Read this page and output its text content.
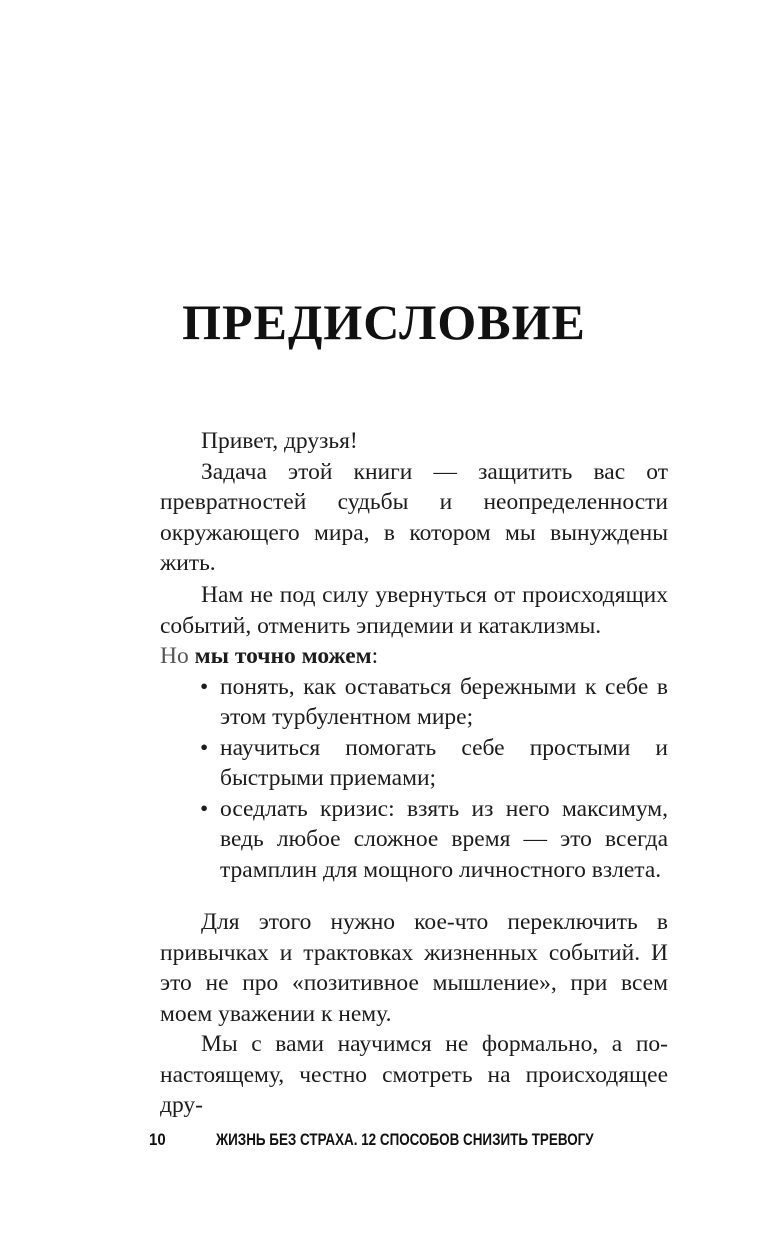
ПРЕДИСЛОВИЕ

Привет, друзья!

Задача этой книги — защитить вас от превратностей судьбы и неопределенности окружающего мира, в котором мы вынуждены жить.

Нам не под силу увернуться от происходящих событий, отменить эпидемии и катаклизмы.

Но мы точно можем:

• понять, как оставаться бережными к себе в этом турбулентном мире;
• научиться помогать себе простыми и быстрыми приемами;
• оседлать кризис: взять из него максимум, ведь любое сложное время — это всегда трамплин для мощного личностного взлета.

Для этого нужно кое-что переключить в привычках и трактовках жизненных событий. И это не про «позитивное мышление», при всем моем уважении к нему.

Мы с вами научимся не формально, а по-настоящему, честно смотреть на происходящее дру-

10	ЖИЗНЬ БЕЗ СТРАХА. 12 СПОСОБОВ СНИЗИТЬ ТРЕВОГУ
